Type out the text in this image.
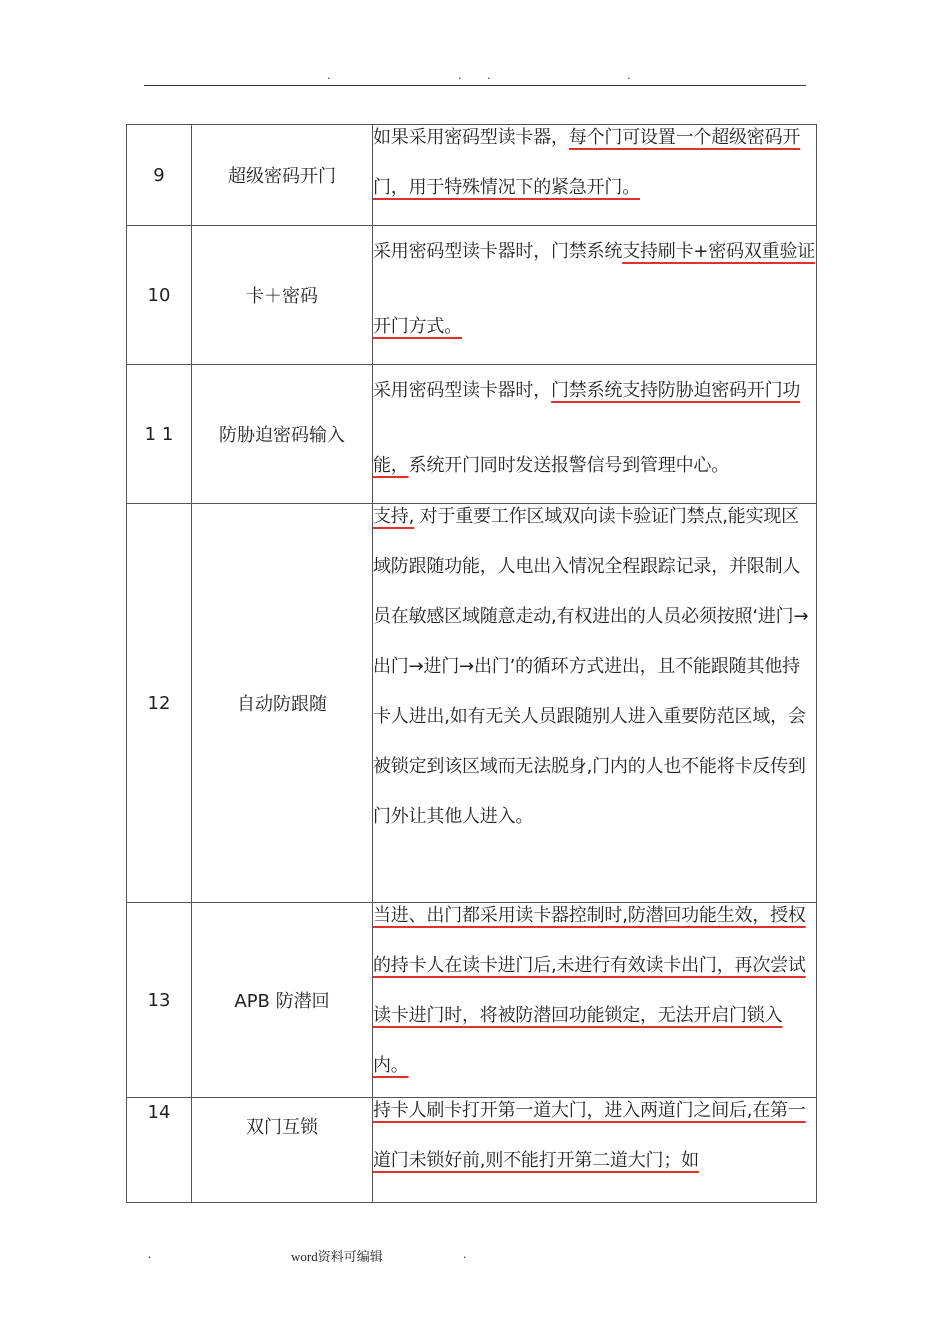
.	. .	.
9	超级密码开门	如果采用密码型读卡器，每个门可设置一个超级密码开门，用于特殊情况下的紧急开门。

10	卡＋密码	采用密码型读卡器时，门禁系统支持刷卡+密码双重验证开门方式。

1 1	防胁迫密码输入	采用密码型读卡器时，门禁系统支持防胁迫密码开门功能，系统开门同时发送报警信号到管理中心。

12	自动防跟随	支持, 对于重要工作区域双向读卡验证门禁点,能实现区域防跟随功能，人电出入情况全程跟踪记录，并限制人员在敏感区域随意走动,有权进出的人员必须按照‘进门→出门→进门→出门’的循环方式进出，且不能跟随其他持卡人进出,如有无关人员跟随别人进入重要防范区域，会被锁定到该区域而无法脱身,门内的人也不能将卡反传到门外让其他人进入。

13	APB 防潜回	当进、出门都采用读卡器控制时,防潜回功能生效，授权的持卡人在读卡进门后,未进行有效读卡出门，再次尝试读卡进门时，将被防潜回功能锁定，无法开启门锁入内。

14	双门互锁	持卡人刷卡打开第一道大门，进入两道门之间后,在第一道门未锁好前,则不能打开第二道大门；如
.	word资料可编辑	.
